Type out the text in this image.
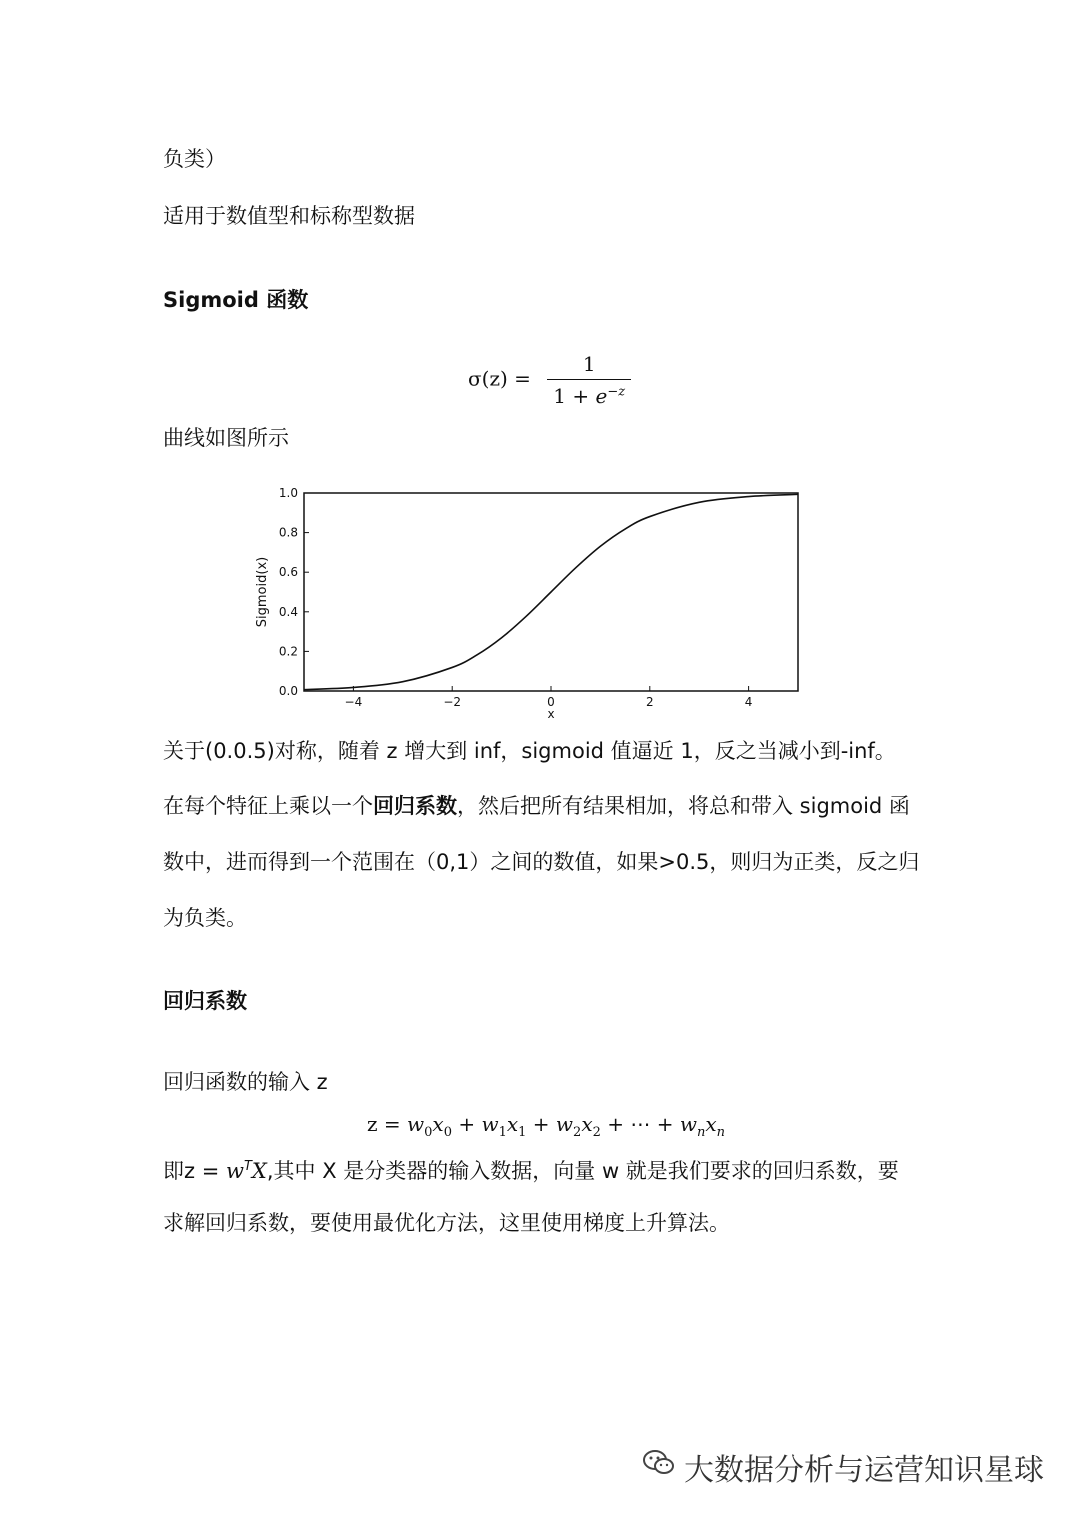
负类）
适用于数值型和标称型数据
Sigmoid 函数
$\sigma(z) = \frac{1}{1 + e^{-z}}$
曲线如图所示
0.0
0.2
0.4
0.6
0.8
1.0
−4	−2	0	2	4
Sigmoid(x)
x
关于(0.0.5)对称，随着 z 增大到 inf，sigmoid 值逼近 1，反之当减小到-inf。
在每个特征上乘以一个回归系数，然后把所有结果相加，将总和带入 sigmoid 函
数中，进而得到一个范围在（0,1）之间的数值，如果>0.5，则归为正类，反之归
为负类。
回归系数
回归函数的输入 z
$z = w_0x_0 + w_1x_1 + w_2x_2$ + ⋯ + $w_nx_n$
即$z = w^TX$,其中 X 是分类器的输入数据，向量 w 就是我们要求的回归系数，要
求解回归系数，要使用最优化方法，这里使用梯度上升算法。
大数据分析与运营知识星球
